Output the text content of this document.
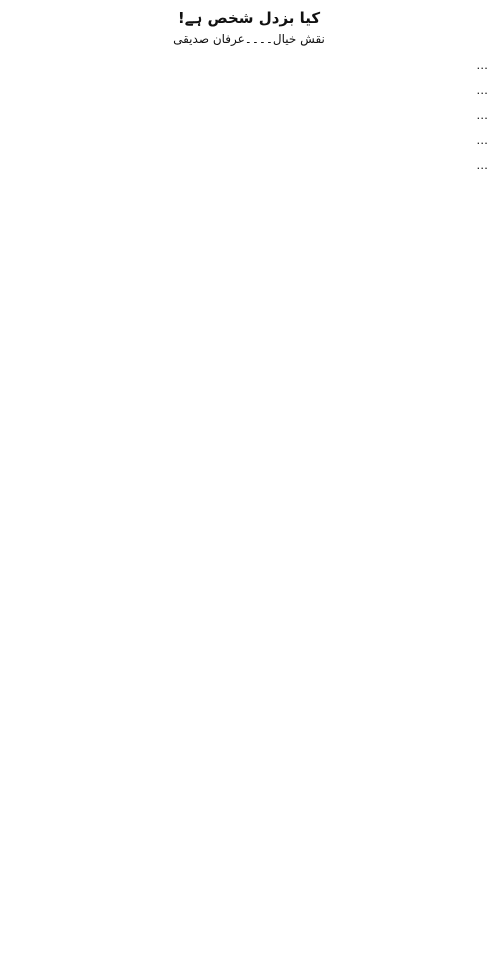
کیا بزدل شخص ہے!
نقش خیال۔۔۔۔عرفان صدیقی

…

…

…

…

…
